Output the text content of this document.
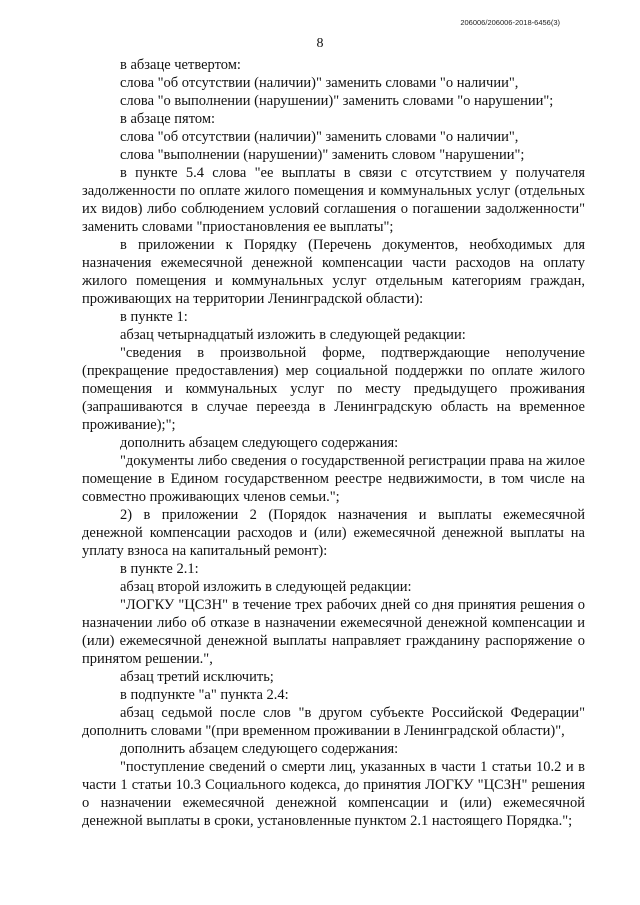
206006/206006-2018-6456(3)
8

в абзаце четвертом:

слова "об отсутствии (наличии)" заменить словами "о наличии",

слова "о выполнении (нарушении)" заменить словами "о нарушении";

в абзаце пятом:

слова "об отсутствии (наличии)" заменить словами "о наличии",

слова "выполнении (нарушении)" заменить словом "нарушении";

в пункте 5.4 слова "ее выплаты в связи с отсутствием у получателя задолженности по оплате жилого помещения и коммунальных услуг (отдельных их видов) либо соблюдением условий соглашения о погашении задолженности" заменить словами "приостановления ее выплаты";

в приложении к Порядку (Перечень документов, необходимых для назначения ежемесячной денежной компенсации части расходов на оплату жилого помещения и коммунальных услуг отдельным категориям граждан, проживающих на территории Ленинградской области):

в пункте 1:

абзац четырнадцатый изложить в следующей редакции:

"сведения в произвольной форме, подтверждающие неполучение (прекращение предоставления) мер социальной поддержки по оплате жилого помещения и коммунальных услуг по месту предыдущего проживания (запрашиваются в случае переезда в Ленинградскую область на временное проживание);";

дополнить абзацем следующего содержания:

"документы либо сведения о государственной регистрации права на жилое помещение в Едином государственном реестре недвижимости, в том числе на совместно проживающих членов семьи.";

2) в приложении 2 (Порядок назначения и выплаты ежемесячной денежной компенсации расходов и (или) ежемесячной денежной выплаты на уплату взноса на капитальный ремонт):

в пункте 2.1:

абзац второй изложить в следующей редакции:

"ЛОГКУ "ЦСЗН" в течение трех рабочих дней со дня принятия решения о назначении либо об отказе в назначении ежемесячной денежной компенсации и (или) ежемесячной денежной выплаты направляет гражданину распоряжение о принятом решении.",

абзац третий исключить;

в подпункте "а" пункта 2.4:

абзац седьмой после слов "в другом субъекте Российской Федерации" дополнить словами "(при временном проживании в Ленинградской области)",

дополнить абзацем следующего содержания:

"поступление сведений о смерти лиц, указанных в части 1 статьи 10.2 и в части 1 статьи 10.3 Социального кодекса, до принятия ЛОГКУ "ЦСЗН" решения о назначении ежемесячной денежной компенсации и (или) ежемесячной денежной выплаты в сроки, установленные пунктом 2.1 настоящего Порядка.";
